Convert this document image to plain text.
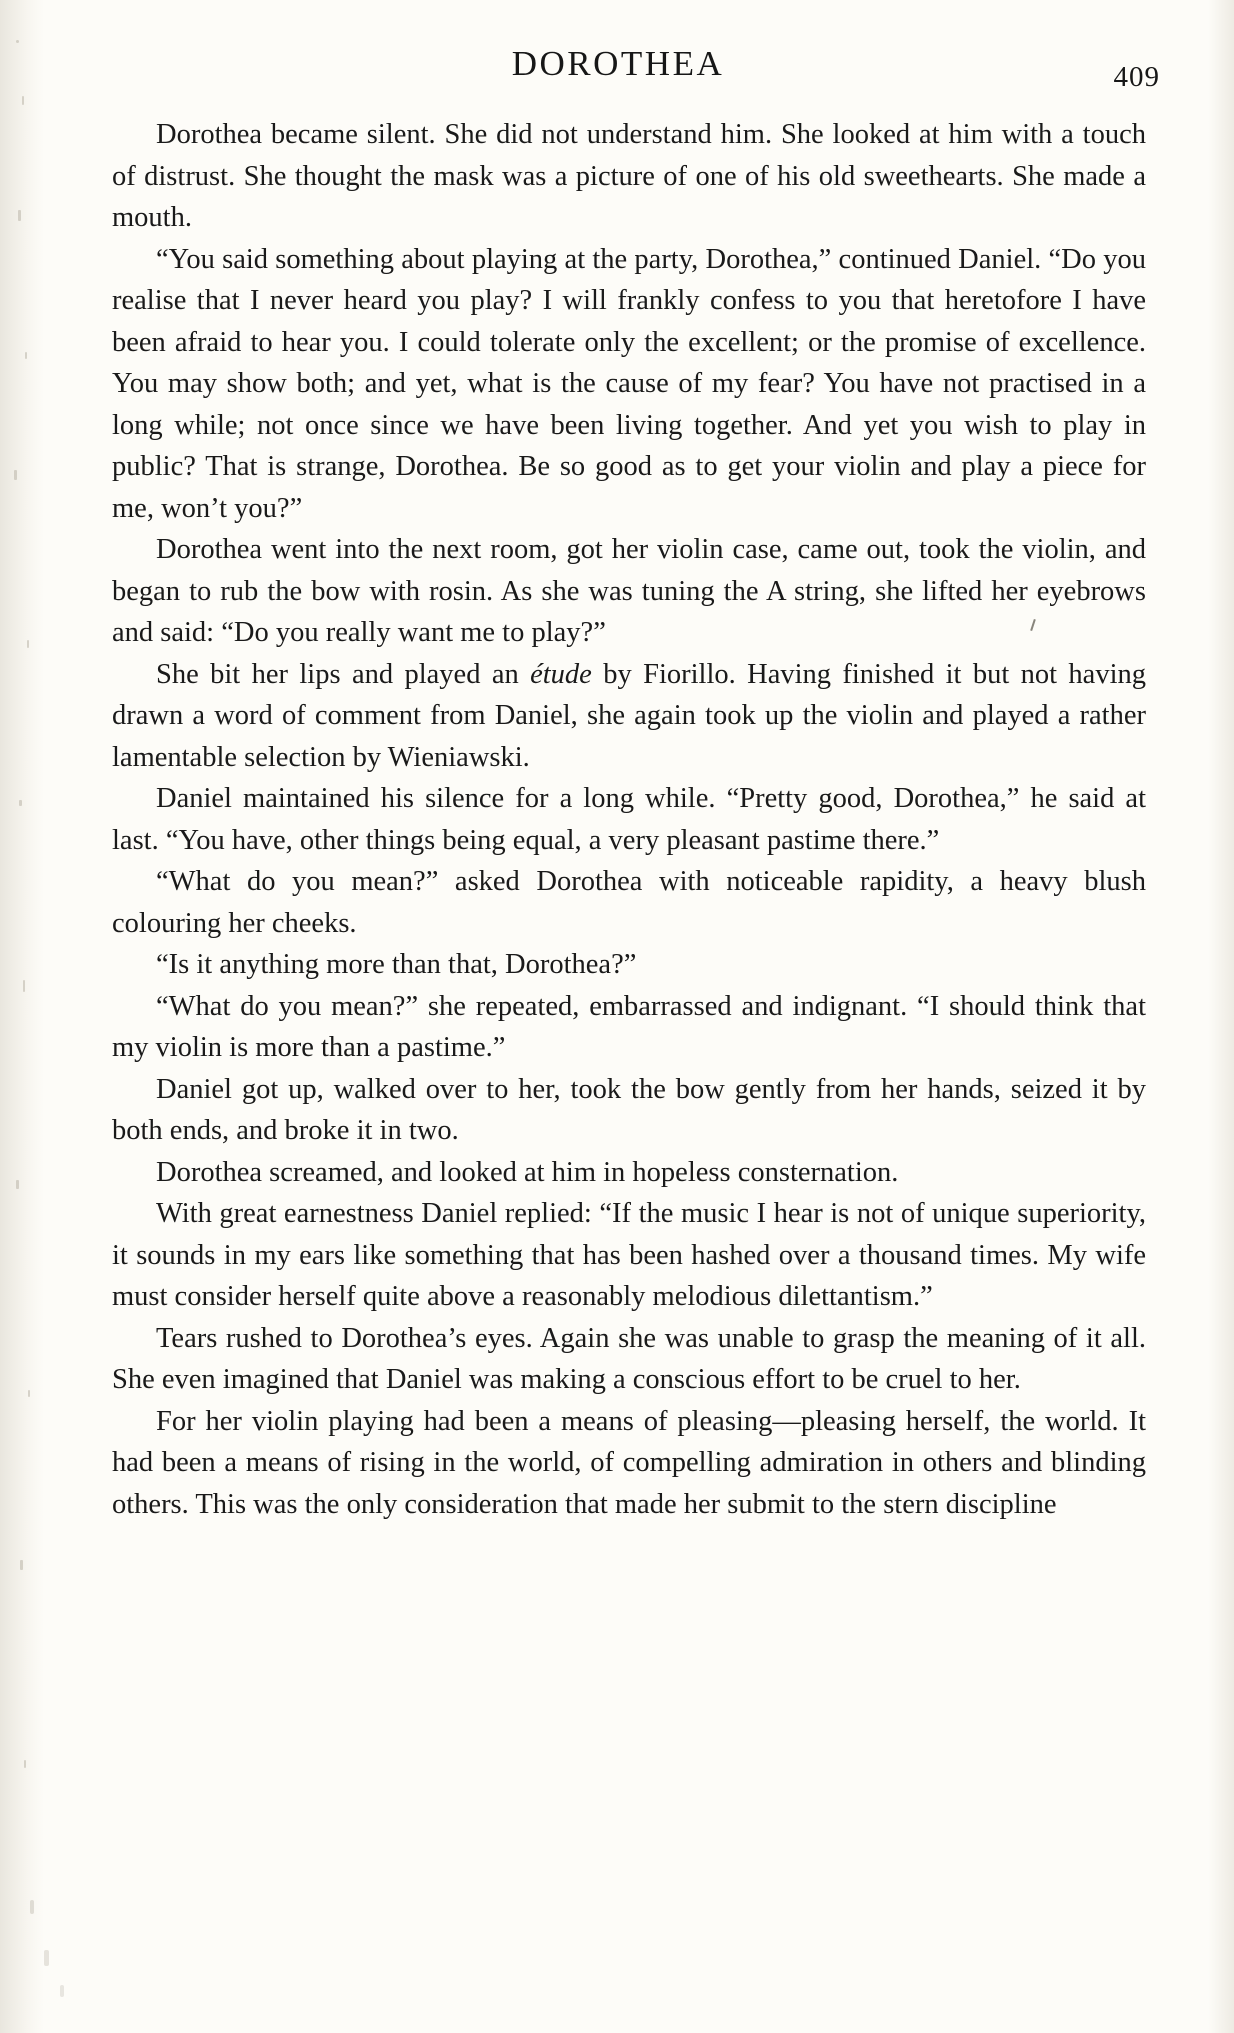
DOROTHEA	409

Dorothea became silent. She did not understand him. She looked at him with a touch of distrust. She thought the mask was a picture of one of his old sweethearts. She made a mouth.

“You said something about playing at the party, Dorothea,” continued Daniel. “Do you realise that I never heard you play? I will frankly confess to you that heretofore I have been afraid to hear you. I could tolerate only the excellent; or the promise of excellence. You may show both; and yet, what is the cause of my fear? You have not practised in a long while; not once since we have been living together. And yet you wish to play in public? That is strange, Dorothea. Be so good as to get your violin and play a piece for me, won’t you?”

Dorothea went into the next room, got her violin case, came out, took the violin, and began to rub the bow with rosin. As she was tuning the A string, she lifted her eyebrows and said: “Do you really want me to play?”

She bit her lips and played an étude by Fiorillo. Having finished it but not having drawn a word of comment from Daniel, she again took up the violin and played a rather lamentable selection by Wieniawski.

Daniel maintained his silence for a long while. “Pretty good, Dorothea,” he said at last. “You have, other things being equal, a very pleasant pastime there.”

“What do you mean?” asked Dorothea with noticeable rapidity, a heavy blush colouring her cheeks.

“Is it anything more than that, Dorothea?”

“What do you mean?” she repeated, embarrassed and indignant. “I should think that my violin is more than a pastime.”

Daniel got up, walked over to her, took the bow gently from her hands, seized it by both ends, and broke it in two.

Dorothea screamed, and looked at him in hopeless consternation.

With great earnestness Daniel replied: “If the music I hear is not of unique superiority, it sounds in my ears like something that has been hashed over a thousand times. My wife must consider herself quite above a reasonably melodious dilettantism.”

Tears rushed to Dorothea’s eyes. Again she was unable to grasp the meaning of it all. She even imagined that Daniel was making a conscious effort to be cruel to her.

For her violin playing had been a means of pleasing—pleasing herself, the world. It had been a means of rising in the world, of compelling admiration in others and blinding others. This was the only consideration that made her submit to the stern discipline
